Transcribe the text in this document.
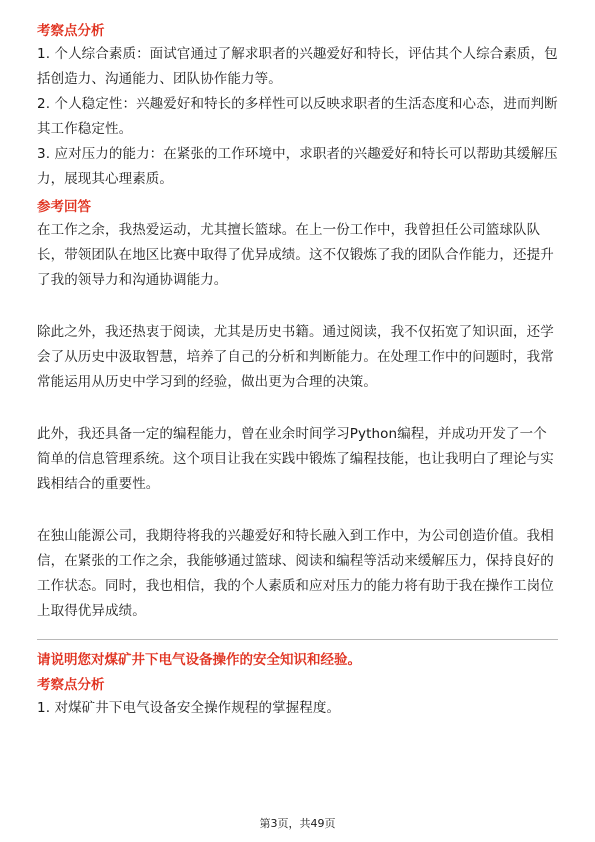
考察点分析

1. 个人综合素质：面试官通过了解求职者的兴趣爱好和特长，评估其个人综合素质，包括创造力、沟通能力、团队协作能力等。

2. 个人稳定性：兴趣爱好和特长的多样性可以反映求职者的生活态度和心态，进而判断其工作稳定性。

3. 应对压力的能力：在紧张的工作环境中，求职者的兴趣爱好和特长可以帮助其缓解压力，展现其心理素质。

参考回答

在工作之余，我热爱运动，尤其擅长篮球。在上一份工作中，我曾担任公司篮球队队长，带领团队在地区比赛中取得了优异成绩。这不仅锻炼了我的团队合作能力，还提升了我的领导力和沟通协调能力。

除此之外，我还热衷于阅读，尤其是历史书籍。通过阅读，我不仅拓宽了知识面，还学会了从历史中汲取智慧，培养了自己的分析和判断能力。在处理工作中的问题时，我常常能运用从历史中学习到的经验，做出更为合理的决策。

此外，我还具备一定的编程能力，曾在业余时间学习Python编程，并成功开发了一个简单的信息管理系统。这个项目让我在实践中锻炼了编程技能，也让我明白了理论与实践相结合的重要性。

在独山能源公司，我期待将我的兴趣爱好和特长融入到工作中，为公司创造价值。我相信，在紧张的工作之余，我能够通过篮球、阅读和编程等活动来缓解压力，保持良好的工作状态。同时，我也相信，我的个人素质和应对压力的能力将有助于我在操作工岗位上取得优异成绩。

请说明您对煤矿井下电气设备操作的安全知识和经验。

考察点分析

1. 对煤矿井下电气设备安全操作规程的掌握程度。

第3页，共49页
